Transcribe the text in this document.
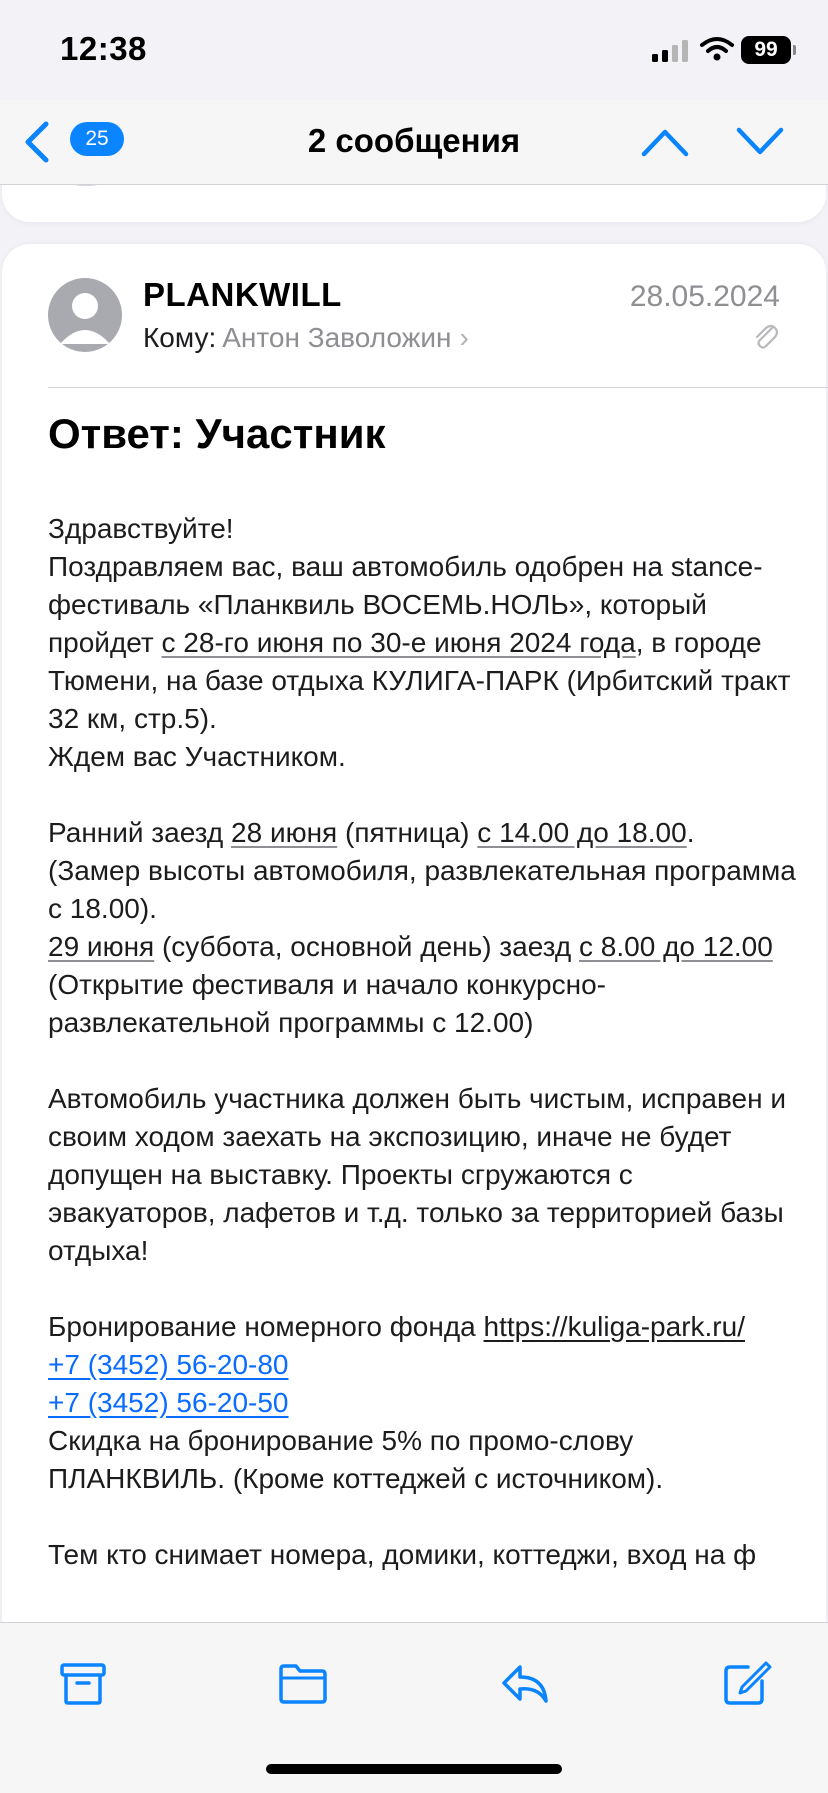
12:38	99
25	2 сообщения
PLANKWILL	28.05.2024
Кому: Антон Заволожин ›
Ответ: Участник

Здравствуйте!

Поздравляем вас, ваш автомобиль одобрен на stance-фестиваль «Планквиль ВОСЕМЬ.НОЛЬ», который пройдет с 28-го июня по 30-е июня 2024 года, в городе Тюмени, на базе отдыха КУЛИГА-ПАРК (Ирбитский тракт 32 км, стр.5).

Ждем вас Участником.

Ранний заезд 28 июня (пятница) с 14.00 до 18.00.

(Замер высоты автомобиля, развлекательная программа с 18.00).

29 июня (суббота, основной день) заезд с 8.00 до 12.00 (Открытие фестиваля и начало конкурсно-развлекательной программы с 12.00)

Автомобиль участника должен быть чистым, исправен и своим ходом заехать на экспозицию, иначе не будет допущен на выставку. Проекты сгружаются с эвакуаторов, лафетов и т.д. только за территорией базы отдыха!

Бронирование номерного фонда https://kuliga-park.ru/

+7 (3452) 56-20-80

+7 (3452) 56-20-50

Скидка на бронирование 5% по промо-слову ПЛАНКВИЛЬ. (Кроме коттеджей с источником).

Тем кто снимает номера, домики, коттеджи, вход на ф
